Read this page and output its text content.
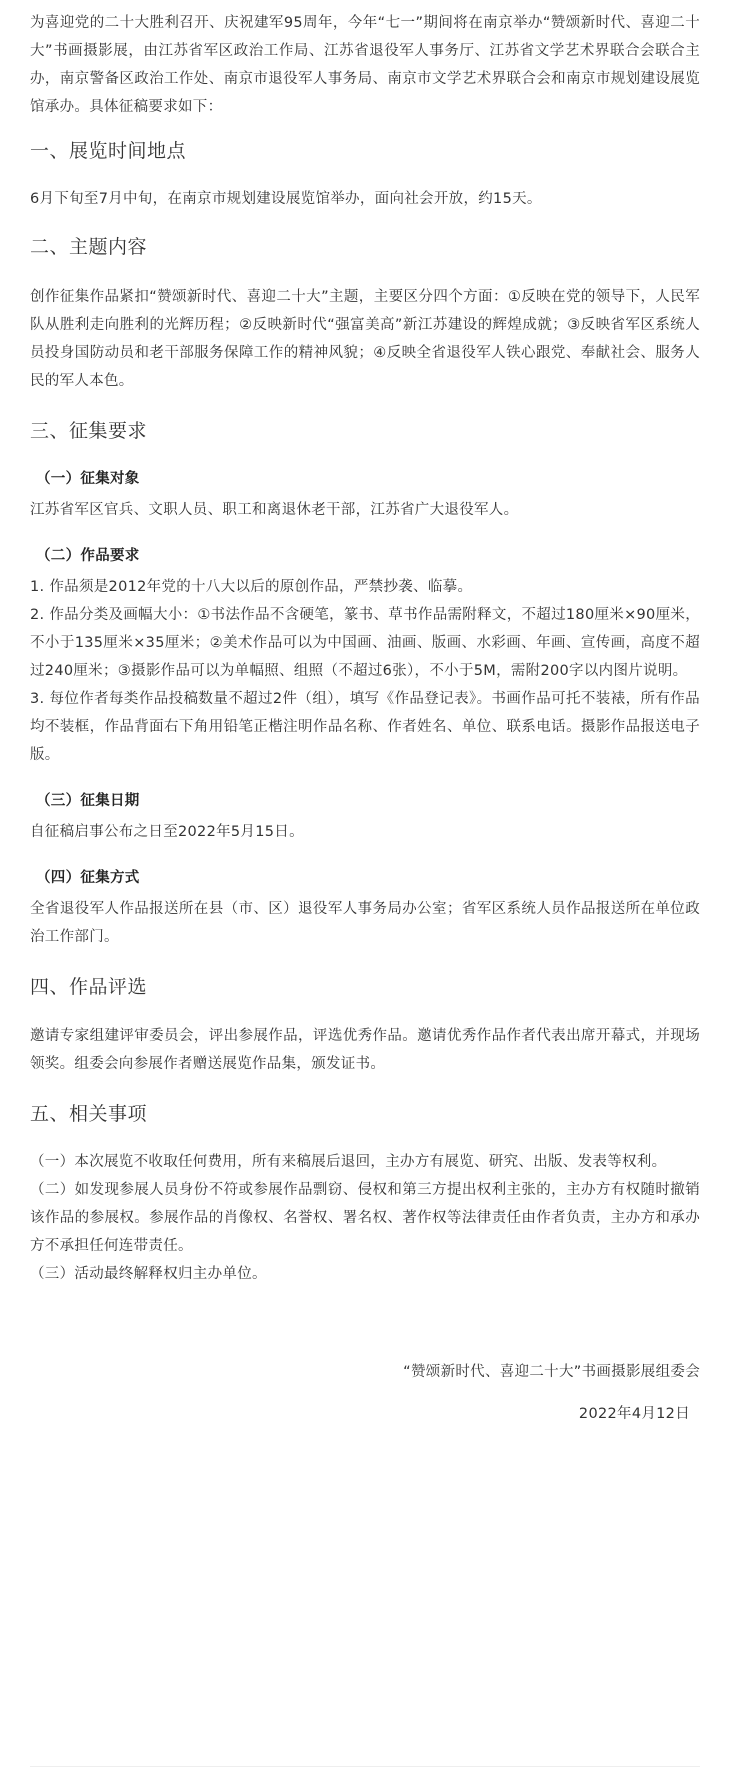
为喜迎党的二十大胜利召开、庆祝建军95周年，今年“七一”期间将在南京举办“赞颂新时代、喜迎二十大”书画摄影展，由江苏省军区政治工作局、江苏省退役军人事务厅、江苏省文学艺术界联合会联合主办，南京警备区政治工作处、南京市退役军人事务局、南京市文学艺术界联合会和南京市规划建设展览馆承办。具体征稿要求如下：

一、展览时间地点

6月下旬至7月中旬，在南京市规划建设展览馆举办，面向社会开放，约15天。

二、主题内容

创作征集作品紧扣“赞颂新时代、喜迎二十大”主题，主要区分四个方面：①反映在党的领导下，人民军队从胜利走向胜利的光辉历程；②反映新时代“强富美高”新江苏建设的辉煌成就；③反映省军区系统人员投身国防动员和老干部服务保障工作的精神风貌；④反映全省退役军人铁心跟党、奉献社会、服务人民的军人本色。

三、征集要求
（一）征集对象

江苏省军区官兵、文职人员、职工和离退休老干部，江苏省广大退役军人。

（二）作品要求

1. 作品须是2012年党的十八大以后的原创作品，严禁抄袭、临摹。

2. 作品分类及画幅大小：①书法作品不含硬笔，篆书、草书作品需附释文，不超过180厘米×90厘米，不小于135厘米×35厘米；②美术作品可以为中国画、油画、版画、水彩画、年画、宣传画，高度不超过240厘米；③摄影作品可以为单幅照、组照（不超过6张），不小于5M，需附200字以内图片说明。

3. 每位作者每类作品投稿数量不超过2件（组），填写《作品登记表》。书画作品可托不装裱，所有作品均不装框，作品背面右下角用铅笔正楷注明作品名称、作者姓名、单位、联系电话。摄影作品报送电子版。

（三）征集日期

自征稿启事公布之日至2022年5月15日。

（四）征集方式

全省退役军人作品报送所在县（市、区）退役军人事务局办公室；省军区系统人员作品报送所在单位政治工作部门。

四、作品评选

邀请专家组建评审委员会，评出参展作品，评选优秀作品。邀请优秀作品作者代表出席开幕式，并现场领奖。组委会向参展作者赠送展览作品集，颁发证书。

五、相关事项

（一）本次展览不收取任何费用，所有来稿展后退回，主办方有展览、研究、出版、发表等权利。

（二）如发现参展人员身份不符或参展作品剽窃、侵权和第三方提出权利主张的，主办方有权随时撤销该作品的参展权。参展作品的肖像权、名誉权、署名权、著作权等法律责任由作者负责，主办方和承办方不承担任何连带责任。

（三）活动最终解释权归主办单位。

“赞颂新时代、喜迎二十大”书画摄影展组委会

2022年4月12日
